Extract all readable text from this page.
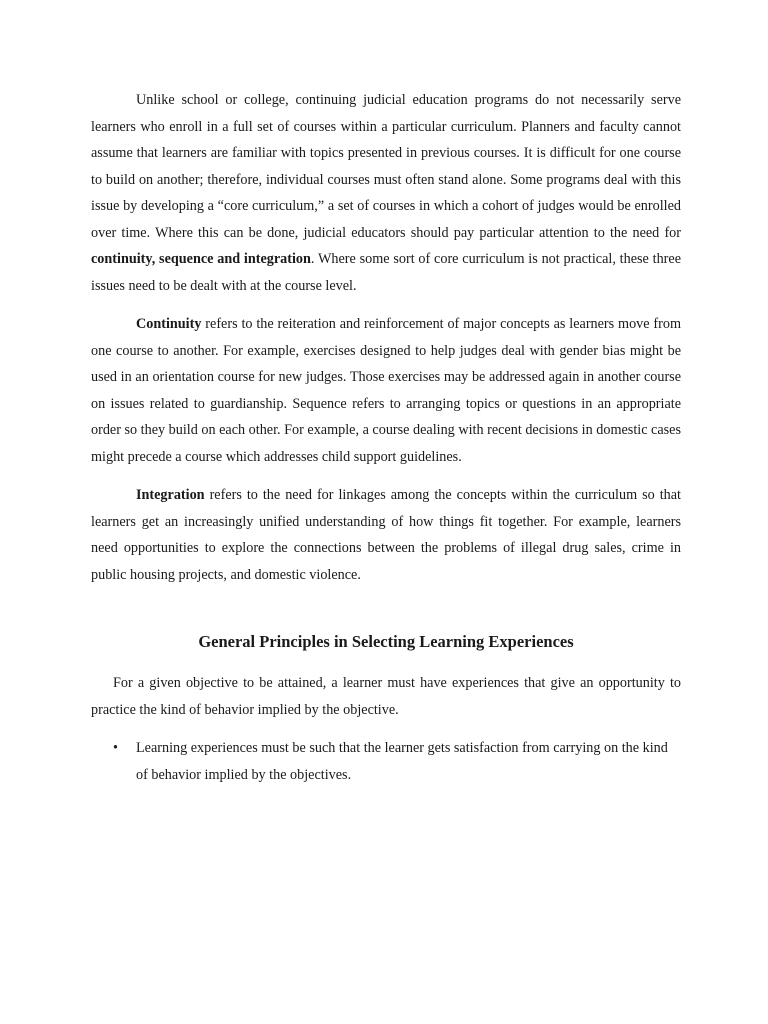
Unlike school or college, continuing judicial education programs do not necessarily serve learners who enroll in a full set of courses within a particular curriculum. Planners and faculty cannot assume that learners are familiar with topics presented in previous courses. It is difficult for one course to build on another; therefore, individual courses must often stand alone. Some programs deal with this issue by developing a “core curriculum,” a set of courses in which a cohort of judges would be enrolled over time. Where this can be done, judicial educators should pay particular attention to the need for continuity, sequence and integration. Where some sort of core curriculum is not practical, these three issues need to be dealt with at the course level.

Continuity refers to the reiteration and reinforcement of major concepts as learners move from one course to another. For example, exercises designed to help judges deal with gender bias might be used in an orientation course for new judges. Those exercises may be addressed again in another course on issues related to guardianship. Sequence refers to arranging topics or questions in an appropriate order so they build on each other. For example, a course dealing with recent decisions in domestic cases might precede a course which addresses child support guidelines.

Integration refers to the need for linkages among the concepts within the curriculum so that learners get an increasingly unified understanding of how things fit together. For example, learners need opportunities to explore the connections between the problems of illegal drug sales, crime in public housing projects, and domestic violence.

General Principles in Selecting Learning Experiences

For a given objective to be attained, a learner must have experiences that give an opportunity to practice the kind of behavior implied by the objective.

• Learning experiences must be such that the learner gets satisfaction from carrying on the kind of behavior implied by the objectives.
